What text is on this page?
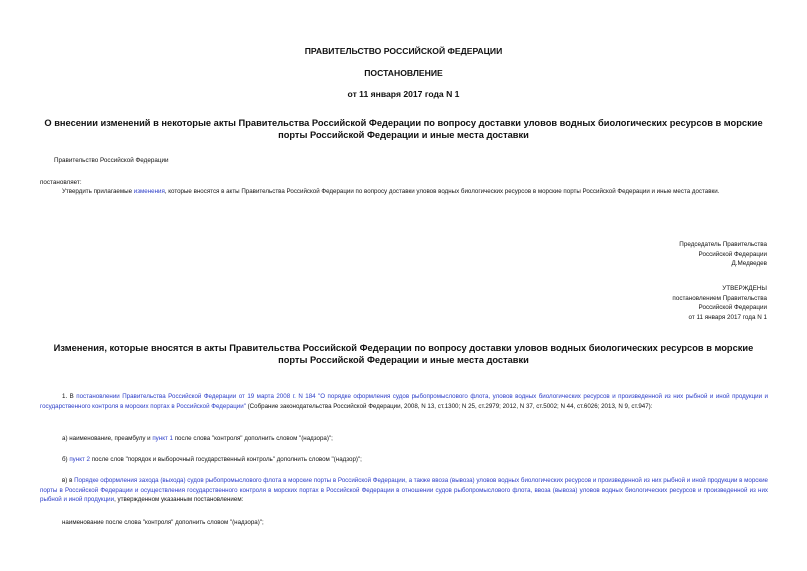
ПРАВИТЕЛЬСТВО РОССИЙСКОЙ ФЕДЕРАЦИИ
ПОСТАНОВЛЕНИЕ
от 11 января 2017 года N 1
О внесении изменений в некоторые акты Правительства Российской Федерации по вопросу доставки уловов водных биологических ресурсов в морские порты Российской Федерации и иные места доставки
Правительство Российской Федерации
постановляет:
Утвердить прилагаемые изменения, которые вносятся в акты Правительства Российской Федерации по вопросу доставки уловов водных биологических ресурсов в морские порты Российской Федерации и иные места доставки.
Председатель Правительства
Российской Федерации
Д.Медведев
УТВЕРЖДЕНЫ
постановлением Правительства
Российской Федерации
от 11 января 2017 года N 1
Изменения, которые вносятся в акты Правительства Российской Федерации по вопросу доставки уловов водных биологических ресурсов в морские порты Российской Федерации и иные места доставки
1. В постановлении Правительства Российской Федерации от 19 марта 2008 г. N 184 "О порядке оформления судов рыбопромыслового флота, уловов водных биологических ресурсов и произведенной из них рыбной и иной продукции и государственного контроля в морских портах в Российской Федерации" (Собрание законодательства Российской Федерации, 2008, N 13, ст.1300; N 25, ст.2979; 2012, N 37, ст.5002; N 44, ст.6026; 2013, N 9, ст.947):
а) наименование, преамбулу и пункт 1 после слова "контроля" дополнить словом "(надзора)";
б) пункт 2 после слов "порядок и выборочный государственный контроль" дополнить словом "(надзор)";
в) в Порядке оформления захода (выхода) судов рыбопромыслового флота в морские порты в Российской Федерации, а также ввоза (вывоза) уловов водных биологических ресурсов и произведенной из них рыбной и иной продукции в морские порты в Российской Федерации и осуществления государственного контроля в морских портах в Российской Федерации в отношении судов рыбопромыслового флота, ввоза (вывоза) уловов водных биологических ресурсов и произведенной из них рыбной и иной продукции, утвержденном указанным постановлением:
наименование после слова "контроля" дополнить словом "(надзора)";
